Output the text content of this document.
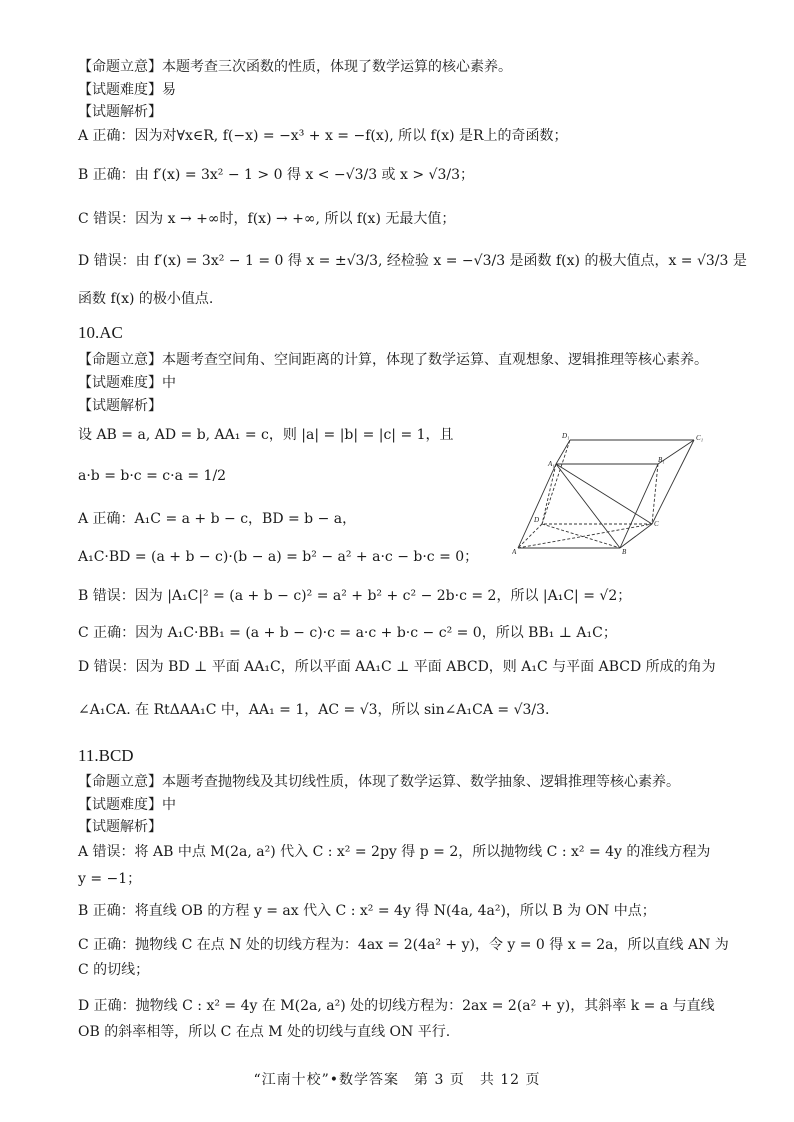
【命题立意】本题考查三次函数的性质，体现了数学运算的核心素养。
【试题难度】易
【试题解析】
A 正确：因为对∀x∈R, f(−x) = −x³ + x = −f(x), 所以 f(x) 是R上的奇函数；
B 正确：由 f′(x) = 3x² − 1 > 0 得 x < −√3/3 或 x > √3/3；
C 错误：因为 x → +∞时，f(x) → +∞, 所以 f(x) 无最大值；
D 错误：由 f′(x) = 3x² − 1 = 0 得 x = ±√3/3, 经检验 x = −√3/3 是函数 f(x) 的极大值点，x = √3/3 是
函数 f(x) 的极小值点.
10.AC
【命题立意】本题考查空间角、空间距离的计算，体现了数学运算、直观想象、逻辑推理等核心素养。
【试题难度】中
【试题解析】
设 AB = a, AD = b, AA₁ = c，则 |a| = |b| = |c| = 1，且
a·b = b·c = c·a = 1/2
A 正确：A₁C = a + b − c，BD = b − a，
A₁C·BD = (a + b − c)·(b − a) = b² − a² + a·c − b·c = 0；
B 错误：因为 |A₁C|² = (a + b − c)² = a² + b² + c² − 2b·c = 2，所以 |A₁C| = √2；
C 正确：因为 A₁C·BB₁ = (a + b − c)·c = a·c + b·c − c² = 0，所以 BB₁ ⊥ A₁C；
D 错误：因为 BD ⊥ 平面 AA₁C，所以平面 AA₁C ⊥ 平面 ABCD，则 A₁C 与平面 ABCD 所成的角为
∠A₁CA. 在 RtΔAA₁C 中，AA₁ = 1，AC = √3，所以 sin∠A₁CA = √3/3.
11.BCD
【命题立意】本题考查抛物线及其切线性质，体现了数学运算、数学抽象、逻辑推理等核心素养。
【试题难度】中
【试题解析】
A 错误：将 AB 中点 M(2a, a²) 代入 C : x² = 2py 得 p = 2，所以抛物线 C : x² = 4y 的准线方程为
y = −1；
B 正确：将直线 OB 的方程 y = ax 代入 C : x² = 4y 得 N(4a, 4a²)，所以 B 为 ON 中点；
C 正确：抛物线 C 在点 N 处的切线方程为：4ax = 2(4a² + y)，令 y = 0 得 x = 2a，所以直线 AN 为
C 的切线；
D 正确：抛物线 C : x² = 4y 在 M(2a, a²) 处的切线方程为：2ax = 2(a² + y)，其斜率 k = a 与直线
OB 的斜率相等，所以 C 在点 M 处的切线与直线 ON 平行.
D₁	C₁
A₁	B₁
D	C
A	B
“江南十校”•数学答案　第 3 页　共 12 页
